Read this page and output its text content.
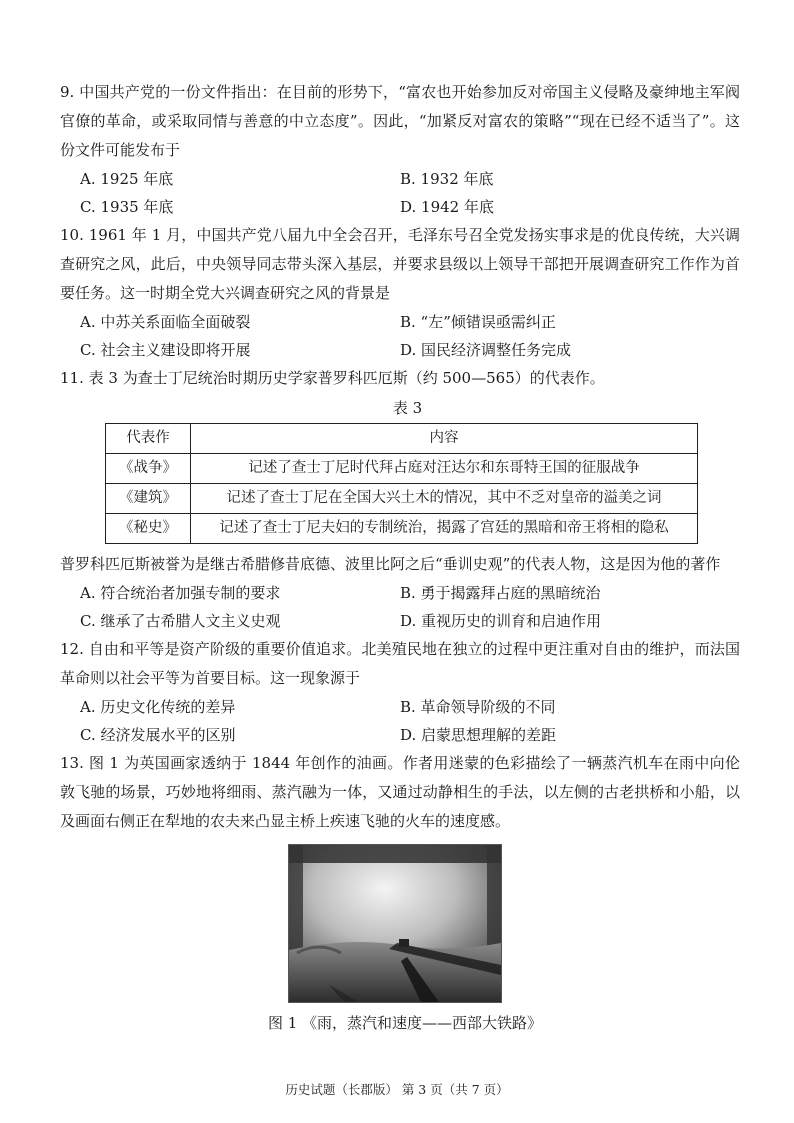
9. 中国共产党的一份文件指出：在目前的形势下，“富农也开始参加反对帝国主义侵略及豪绅地主军阀官僚的革命，或采取同情与善意的中立态度”。因此，“加紧反对富农的策略”“现在已经不适当了”。这份文件可能发布于
A. 1925 年底	B. 1932 年底
C. 1935 年底	D. 1942 年底
10. 1961 年 1 月，中国共产党八届九中全会召开，毛泽东号召全党发扬实事求是的优良传统，大兴调查研究之风，此后，中央领导同志带头深入基层，并要求县级以上领导干部把开展调查研究工作作为首要任务。这一时期全党大兴调查研究之风的背景是
A. 中苏关系面临全面破裂	B. “左”倾错误亟需纠正
C. 社会主义建设即将开展	D. 国民经济调整任务完成
11. 表 3 为查士丁尼统治时期历史学家普罗科匹厄斯（约 500—565）的代表作。
表 3
代表作	内容
《战争》	记述了查士丁尼时代拜占庭对汪达尔和东哥特王国的征服战争
《建筑》	记述了查士丁尼在全国大兴土木的情况，其中不乏对皇帝的溢美之词
《秘史》	记述了查士丁尼夫妇的专制统治，揭露了宫廷的黑暗和帝王将相的隐私
普罗科匹厄斯被誉为是继古希腊修昔底德、波里比阿之后“垂训史观”的代表人物，这是因为他的著作
A. 符合统治者加强专制的要求	B. 勇于揭露拜占庭的黑暗统治
C. 继承了古希腊人文主义史观	D. 重视历史的训育和启迪作用
12. 自由和平等是资产阶级的重要价值追求。北美殖民地在独立的过程中更注重对自由的维护，而法国革命则以社会平等为首要目标。这一现象源于
A. 历史文化传统的差异	B. 革命领导阶级的不同
C. 经济发展水平的区别	D. 启蒙思想理解的差距
13. 图 1 为英国画家透纳于 1844 年创作的油画。作者用迷蒙的色彩描绘了一辆蒸汽机车在雨中向伦敦飞驰的场景，巧妙地将细雨、蒸汽融为一体，又通过动静相生的手法，以左侧的古老拱桥和小船，以及画面右侧正在犁地的农夫来凸显主桥上疾速飞驰的火车的速度感。
图 1 《雨，蒸汽和速度——西部大铁路》
历史试题（长郡版） 第 3 页（共 7 页）
